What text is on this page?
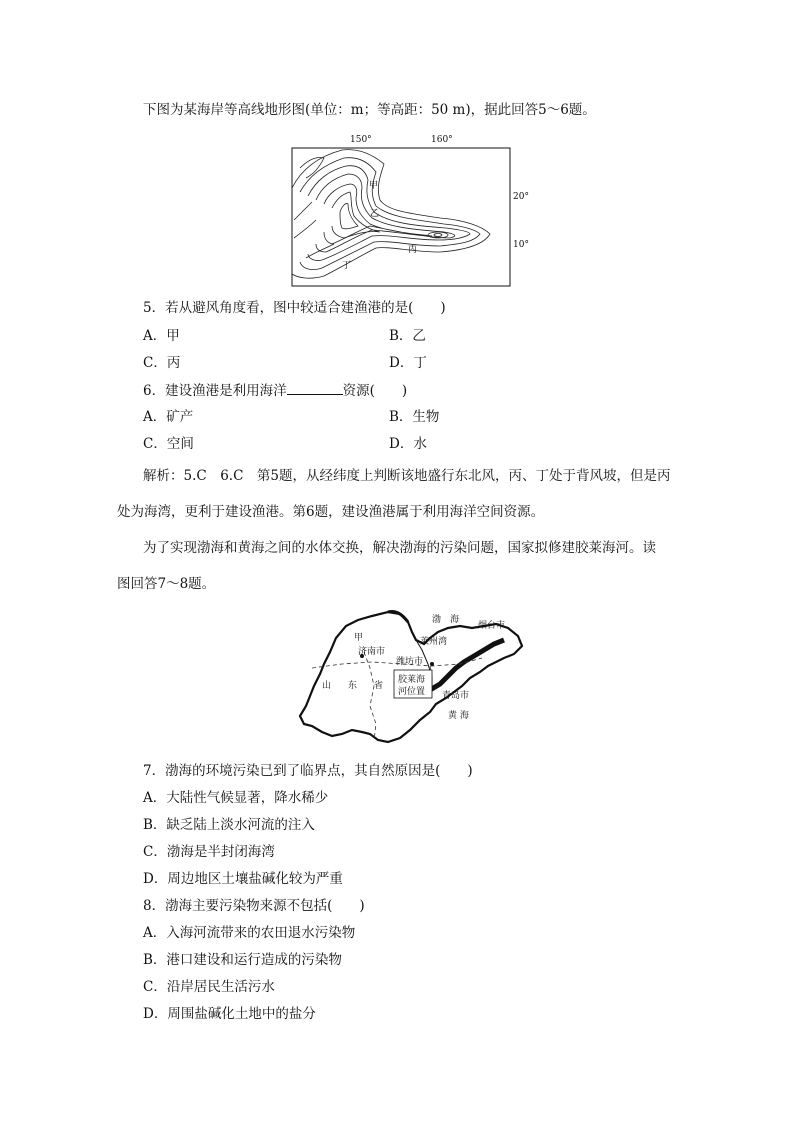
下图为某海岸等高线地形图(单位：m；等高距：50 m)，据此回答5～6题。
150°	160°
20°
10°
甲
乙
丙
丁
5．若从避风角度看，图中较适合建渔港的是(　　)
A．甲	B．乙
C．丙	D．丁
6．建设渔港是利用海洋	资源(　　)
A．矿产	B．生物
C．空间	D．水
解析：5.C　6.C　第5题，从经纬度上判断该地盛行东北风，丙、丁处于背风坡，但是丙
处为海湾，更利于建设渔港。第6题，建设渔港属于利用海洋空间资源。
为了实现渤海和黄海之间的水体交换，解决渤海的污染问题，国家拟修建胶莱海河。读
图回答7～8题。
渤　海
烟台市
莱州湾
甲
济南市
潍坊市
山 东 省
胶莱海
河位置 青岛市
黄 海
7．渤海的环境污染已到了临界点，其自然原因是(　　)
A．大陆性气候显著，降水稀少
B．缺乏陆上淡水河流的注入
C．渤海是半封闭海湾
D．周边地区土壤盐碱化较为严重
8．渤海主要污染物来源不包括(　　)
A．入海河流带来的农田退水污染物
B．港口建设和运行造成的污染物
C．沿岸居民生活污水
D．周围盐碱化土地中的盐分
